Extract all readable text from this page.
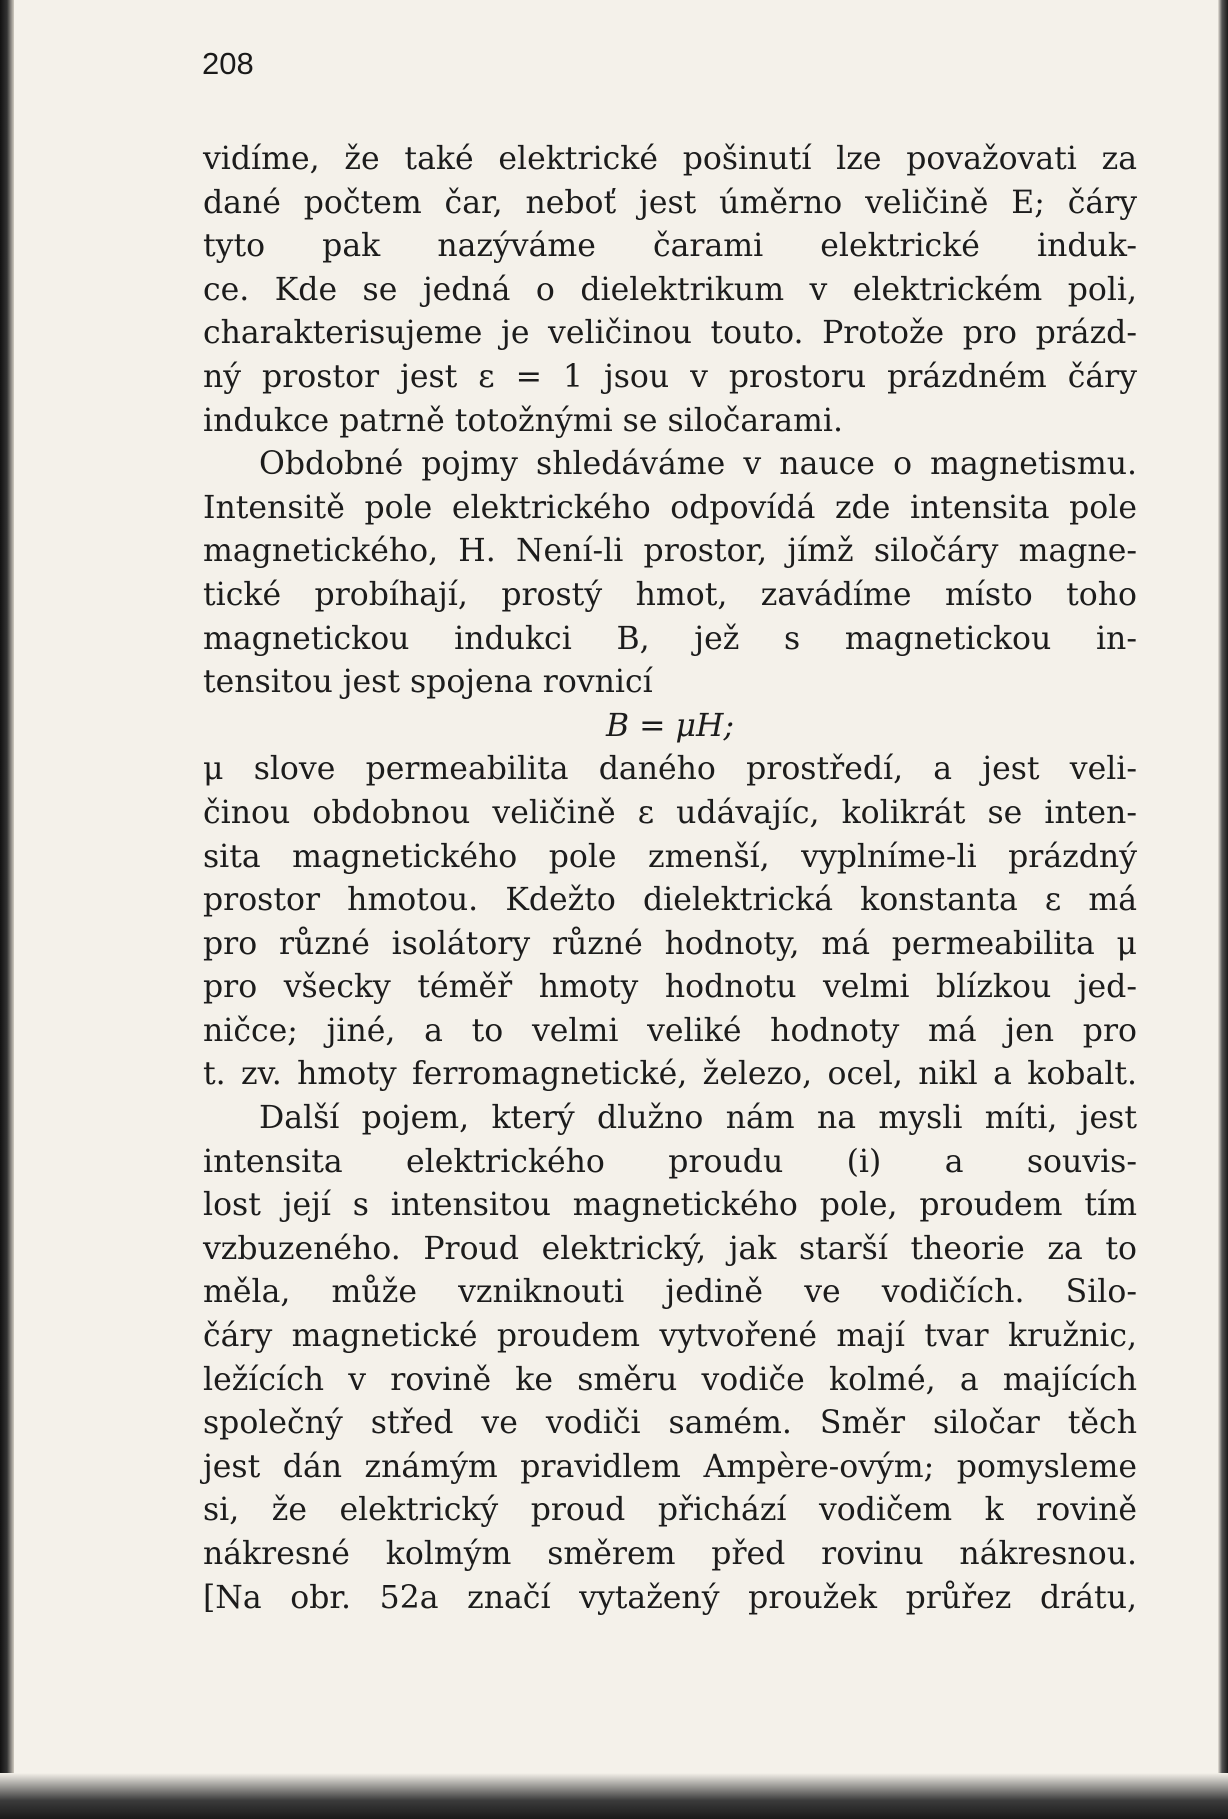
208
vidíme, že také elektrické pošinutí lze považovati za
dané počtem čar, neboť jest úměrno veličině E; čáry
tyto pak nazýváme čarami elektrické induk-
ce. Kde se jedná o dielektrikum v elektrickém poli,
charakterisujeme je veličinou touto. Protože pro prázd-
ný prostor jest ε = 1 jsou v prostoru prázdném čáry
indukce patrně totožnými se siločarami.
Obdobné pojmy shledáváme v nauce o magnetismu.
Intensitě pole elektrického odpovídá zde intensita pole
magnetického, H. Není-li prostor, jímž siločáry magne-
tické probíhají, prostý hmot, zavádíme místo toho
magnetickou indukci B, jež s magnetickou in-
tensitou jest spojena rovnicí
B = μH;
μ slove permeabilita daného prostředí, a jest veli-
činou obdobnou veličině ε udávajíc, kolikrát se inten-
sita magnetického pole zmenší, vyplníme-li prázdný
prostor hmotou. Kdežto dielektrická konstanta ε má
pro různé isolátory různé hodnoty, má permeabilita μ
pro všecky téměř hmoty hodnotu velmi blízkou jed-
ničce; jiné, a to velmi veliké hodnoty má jen pro
t. zv. hmoty ferromagnetické, železo, ocel, nikl a kobalt.
Další pojem, který dlužno nám na mysli míti, jest
intensita elektrického proudu (i) a souvis-
lost její s intensitou magnetického pole, proudem tím
vzbuzeného. Proud elektrický, jak starší theorie za to
měla, může vzniknouti jedině ve vodičích. Silo-
čáry magnetické proudem vytvořené mají tvar kružnic,
ležících v rovině ke směru vodiče kolmé, a majících
společný střed ve vodiči samém. Směr siločar těch
jest dán známým pravidlem Ampère-ovým; pomysleme
si, že elektrický proud přichází vodičem k rovině
nákresné kolmým směrem před rovinu nákresnou.
[Na obr. 52a značí vytažený proužek průřez drátu,
